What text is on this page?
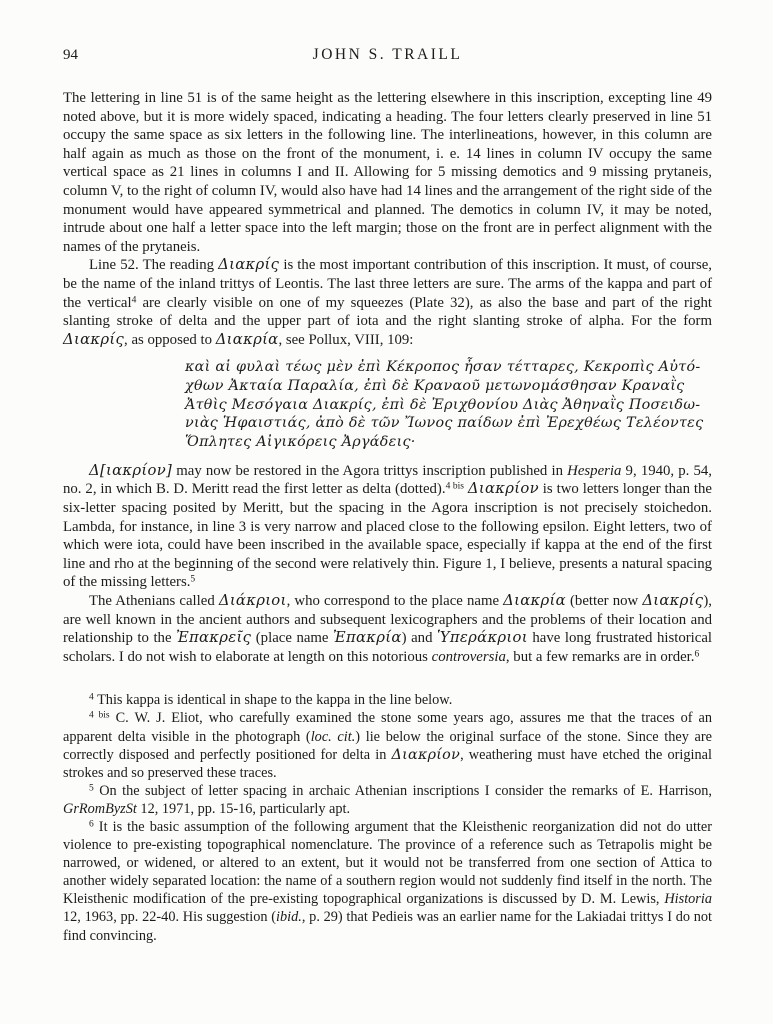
94	JOHN S. TRAILL

The lettering in line 51 is of the same height as the lettering elsewhere in this inscription, excepting line 49 noted above, but it is more widely spaced, indicating a heading. The four letters clearly preserved in line 51 occupy the same space as six letters in the following line. The interlineations, however, in this column are half again as much as those on the front of the monument, i. e. 14 lines in column IV occupy the same vertical space as 21 lines in columns I and II. Allowing for 5 missing demotics and 9 missing prytaneis, column V, to the right of column IV, would also have had 14 lines and the arrangement of the right side of the monument would have appeared symmetrical and planned. The demotics in column IV, it may be noted, intrude about one half a letter space into the left margin; those on the front are in perfect alignment with the names of the prytaneis.

Line 52. The reading Διακρίς is the most important contribution of this inscription. It must, of course, be the name of the inland trittys of Leontis. The last three letters are sure. The arms of the kappa and part of the vertical$^4$ are clearly visible on one of my squeezes (Plate 32), as also the base and part of the right slanting stroke of delta and the upper part of iota and the right slanting stroke of alpha. For the form Διακρίς, as opposed to Διακρία, see Pollux, VIII, 109:

καὶ αἱ φυλαὶ τέως μὲν ἐπὶ Κέκροπος ἦσαν τέτταρες, Κεκροπὶς Αὐτό-
χθων Ἀκταία Παραλία, ἐπὶ δὲ Κραναοῦ μετωνομάσθησαν Κραναῒς
Ἀτθὶς Μεσόγαια Διακρίς, ἐπὶ δὲ Ἐριχθονίου Διὰς Ἀθηναῒς Ποσειδω-
νιὰς Ἡφαιστιάς, ἀπὸ δὲ τῶν Ἴωνος παίδων ἐπὶ Ἐρεχθέως Τελέοντες
Ὅπλητες Αἰγικόρεις Ἀργάδεις·

Δ[ιακρίον] may now be restored in the Agora trittys inscription published in Hesperia 9, 1940, p. 54, no. 2, in which B. D. Meritt read the first letter as delta (dotted).$^{4 bis}$ Διακρίον is two letters longer than the six-letter spacing posited by Meritt, but the spacing in the Agora inscription is not precisely stoichedon. Lambda, for instance, in line 3 is very narrow and placed close to the following epsilon. Eight letters, two of which were iota, could have been inscribed in the available space, especially if kappa at the end of the first line and rho at the beginning of the second were relatively thin. Figure 1, I believe, presents a natural spacing of the missing letters.$^5$

The Athenians called Διάκριοι, who correspond to the place name Διακρία (better now Διακρίς), are well known in the ancient authors and subsequent lexicographers and the problems of their location and relationship to the Ἐπακρεῖς (place name Ἐπακρία) and Ὑπεράκριοι have long frustrated historical scholars. I do not wish to elaborate at length on this notorious controversia, but a few remarks are in order.$^6$

$^4$ This kappa is identical in shape to the kappa in the line below.

$^{4 bis}$ C. W. J. Eliot, who carefully examined the stone some years ago, assures me that the traces of an apparent delta visible in the photograph (loc. cit.) lie below the original surface of the stone. Since they are correctly disposed and perfectly positioned for delta in Διακρίον, weathering must have etched the original strokes and so preserved these traces.

$^5$ On the subject of letter spacing in archaic Athenian inscriptions I consider the remarks of E. Harrison, GrRomByzSt 12, 1971, pp. 15-16, particularly apt.

$^6$ It is the basic assumption of the following argument that the Kleisthenic reorganization did not do utter violence to pre-existing topographical nomenclature. The province of a reference such as Tetrapolis might be narrowed, or widened, or altered to an extent, but it would not be transferred from one section of Attica to another widely separated location: the name of a southern region would not suddenly find itself in the north. The Kleisthenic modification of the pre-existing topographical organizations is discussed by D. M. Lewis, Historia 12, 1963, pp. 22-40. His suggestion (ibid., p. 29) that Pedieis was an earlier name for the Lakiadai trittys I do not find convincing.
